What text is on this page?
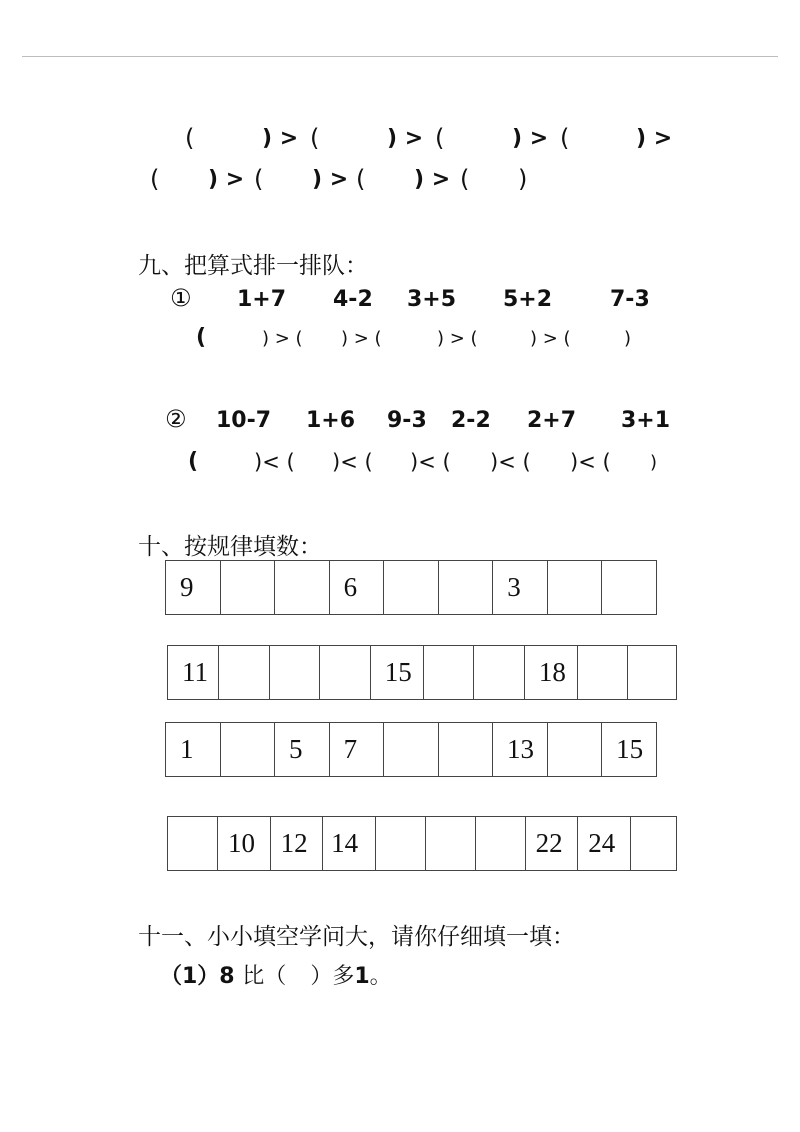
(	) > (	) > (	) > (	) >
( ) > ( ) > ( ) > ( )
九、把算式排一排队：
① 1+7 4-2 3+5 5+2	7-3
(	) > ( ) > (	) > (	) > (	)
② 10-7 1+6 9-3 2-2 2+7 3+1
(	)< ( )< ( )< ( )< ( )< ( )
十、按规律填数：
9			6			3		
11				15			18		
1		5	7			13		15
	10	12	14				22	24	
十一、小小填空学问大，请你仔细填一填：
（1）8 比（ ）多1。
